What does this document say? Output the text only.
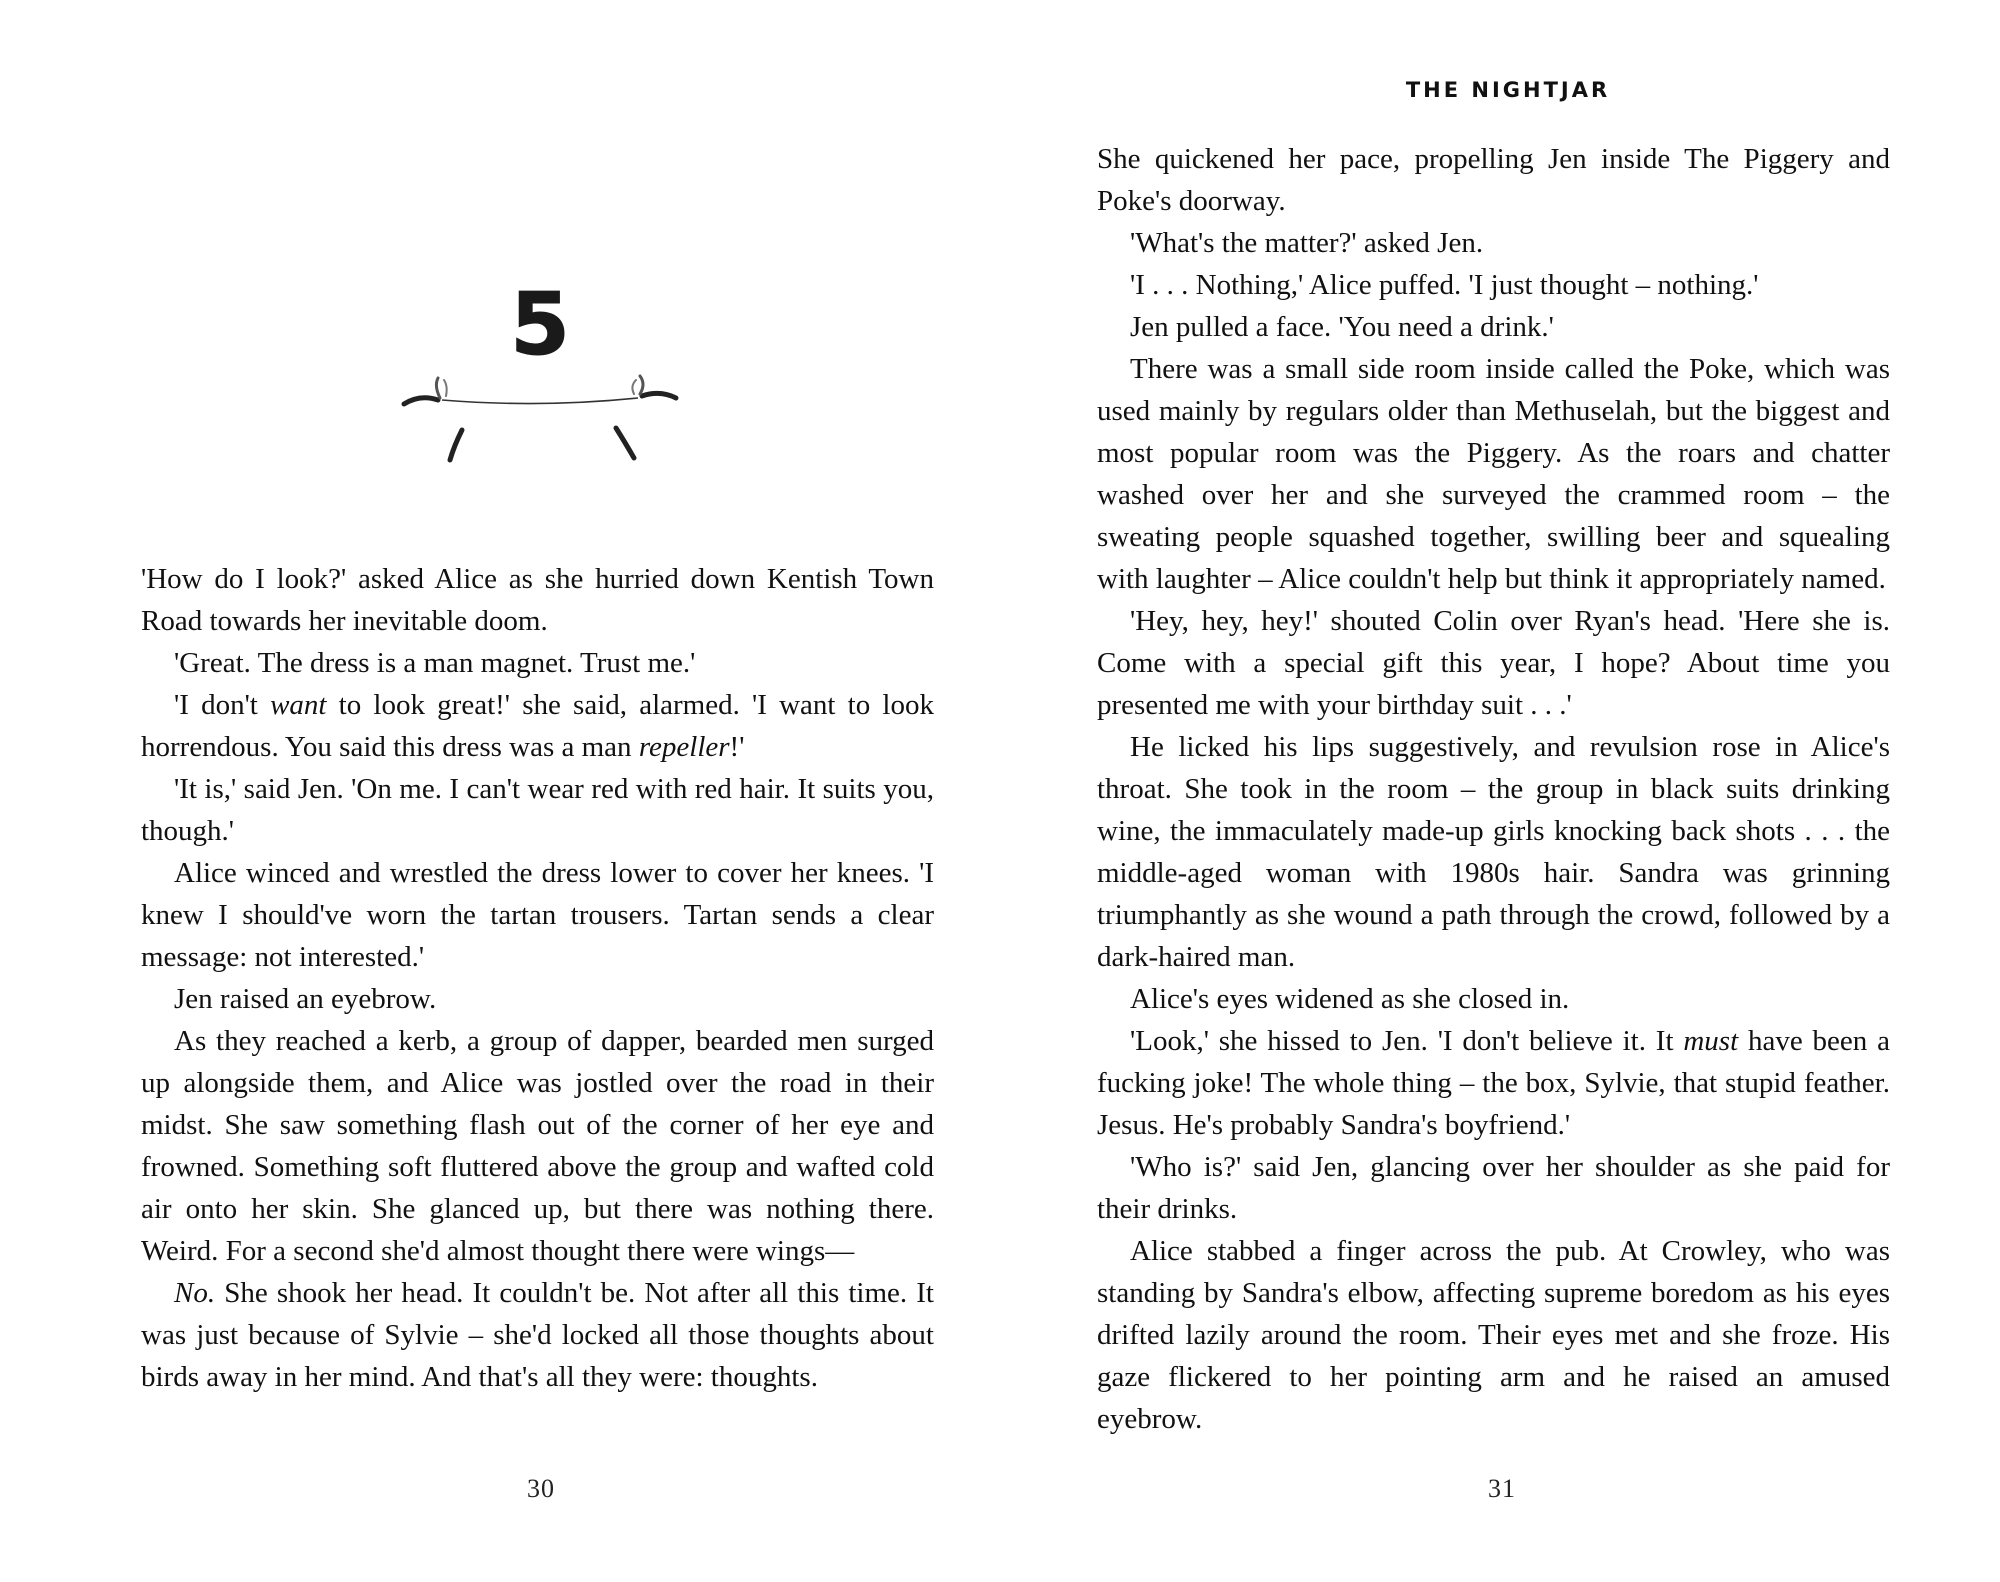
5

'How do I look?' asked Alice as she hurried down Kentish Town Road towards her inevitable doom.

'Great. The dress is a man magnet. Trust me.'

'I don't want to look great!' she said, alarmed. 'I want to look horrendous. You said this dress was a man repeller!'

'It is,' said Jen. 'On me. I can't wear red with red hair. It suits you, though.'

Alice winced and wrestled the dress lower to cover her knees. 'I knew I should've worn the tartan trousers. Tartan sends a clear message: not interested.'

Jen raised an eyebrow.

As they reached a kerb, a group of dapper, bearded men surged up alongside them, and Alice was jostled over the road in their midst. She saw something flash out of the corner of her eye and frowned. Something soft fluttered above the group and wafted cold air onto her skin. She glanced up, but there was nothing there. Weird. For a second she'd almost thought there were wings—

No. She shook her head. It couldn't be. Not after all this time. It was just because of Sylvie – she'd locked all those thoughts about birds away in her mind. And that's all they were: thoughts.

30
THE NIGHTJAR

She quickened her pace, propelling Jen inside The Piggery and Poke's doorway.

'What's the matter?' asked Jen.

'I . . . Nothing,' Alice puffed. 'I just thought – nothing.'

Jen pulled a face. 'You need a drink.'

There was a small side room inside called the Poke, which was used mainly by regulars older than Methuselah, but the biggest and most popular room was the Piggery. As the roars and chatter washed over her and she surveyed the crammed room – the sweating people squashed together, swilling beer and squealing with laughter – Alice couldn't help but think it appropriately named.

'Hey, hey, hey!' shouted Colin over Ryan's head. 'Here she is. Come with a special gift this year, I hope? About time you presented me with your birthday suit . . .'

He licked his lips suggestively, and revulsion rose in Alice's throat. She took in the room – the group in black suits drinking wine, the immaculately made-up girls knocking back shots . . . the middle-aged woman with 1980s hair. Sandra was grinning triumphantly as she wound a path through the crowd, followed by a dark-haired man.

Alice's eyes widened as she closed in.

'Look,' she hissed to Jen. 'I don't believe it. It must have been a fucking joke! The whole thing – the box, Sylvie, that stupid feather. Jesus. He's probably Sandra's boyfriend.'

'Who is?' said Jen, glancing over her shoulder as she paid for their drinks.

Alice stabbed a finger across the pub. At Crowley, who was standing by Sandra's elbow, affecting supreme boredom as his eyes drifted lazily around the room. Their eyes met and she froze. His gaze flickered to her pointing arm and he raised an amused eyebrow.

31
